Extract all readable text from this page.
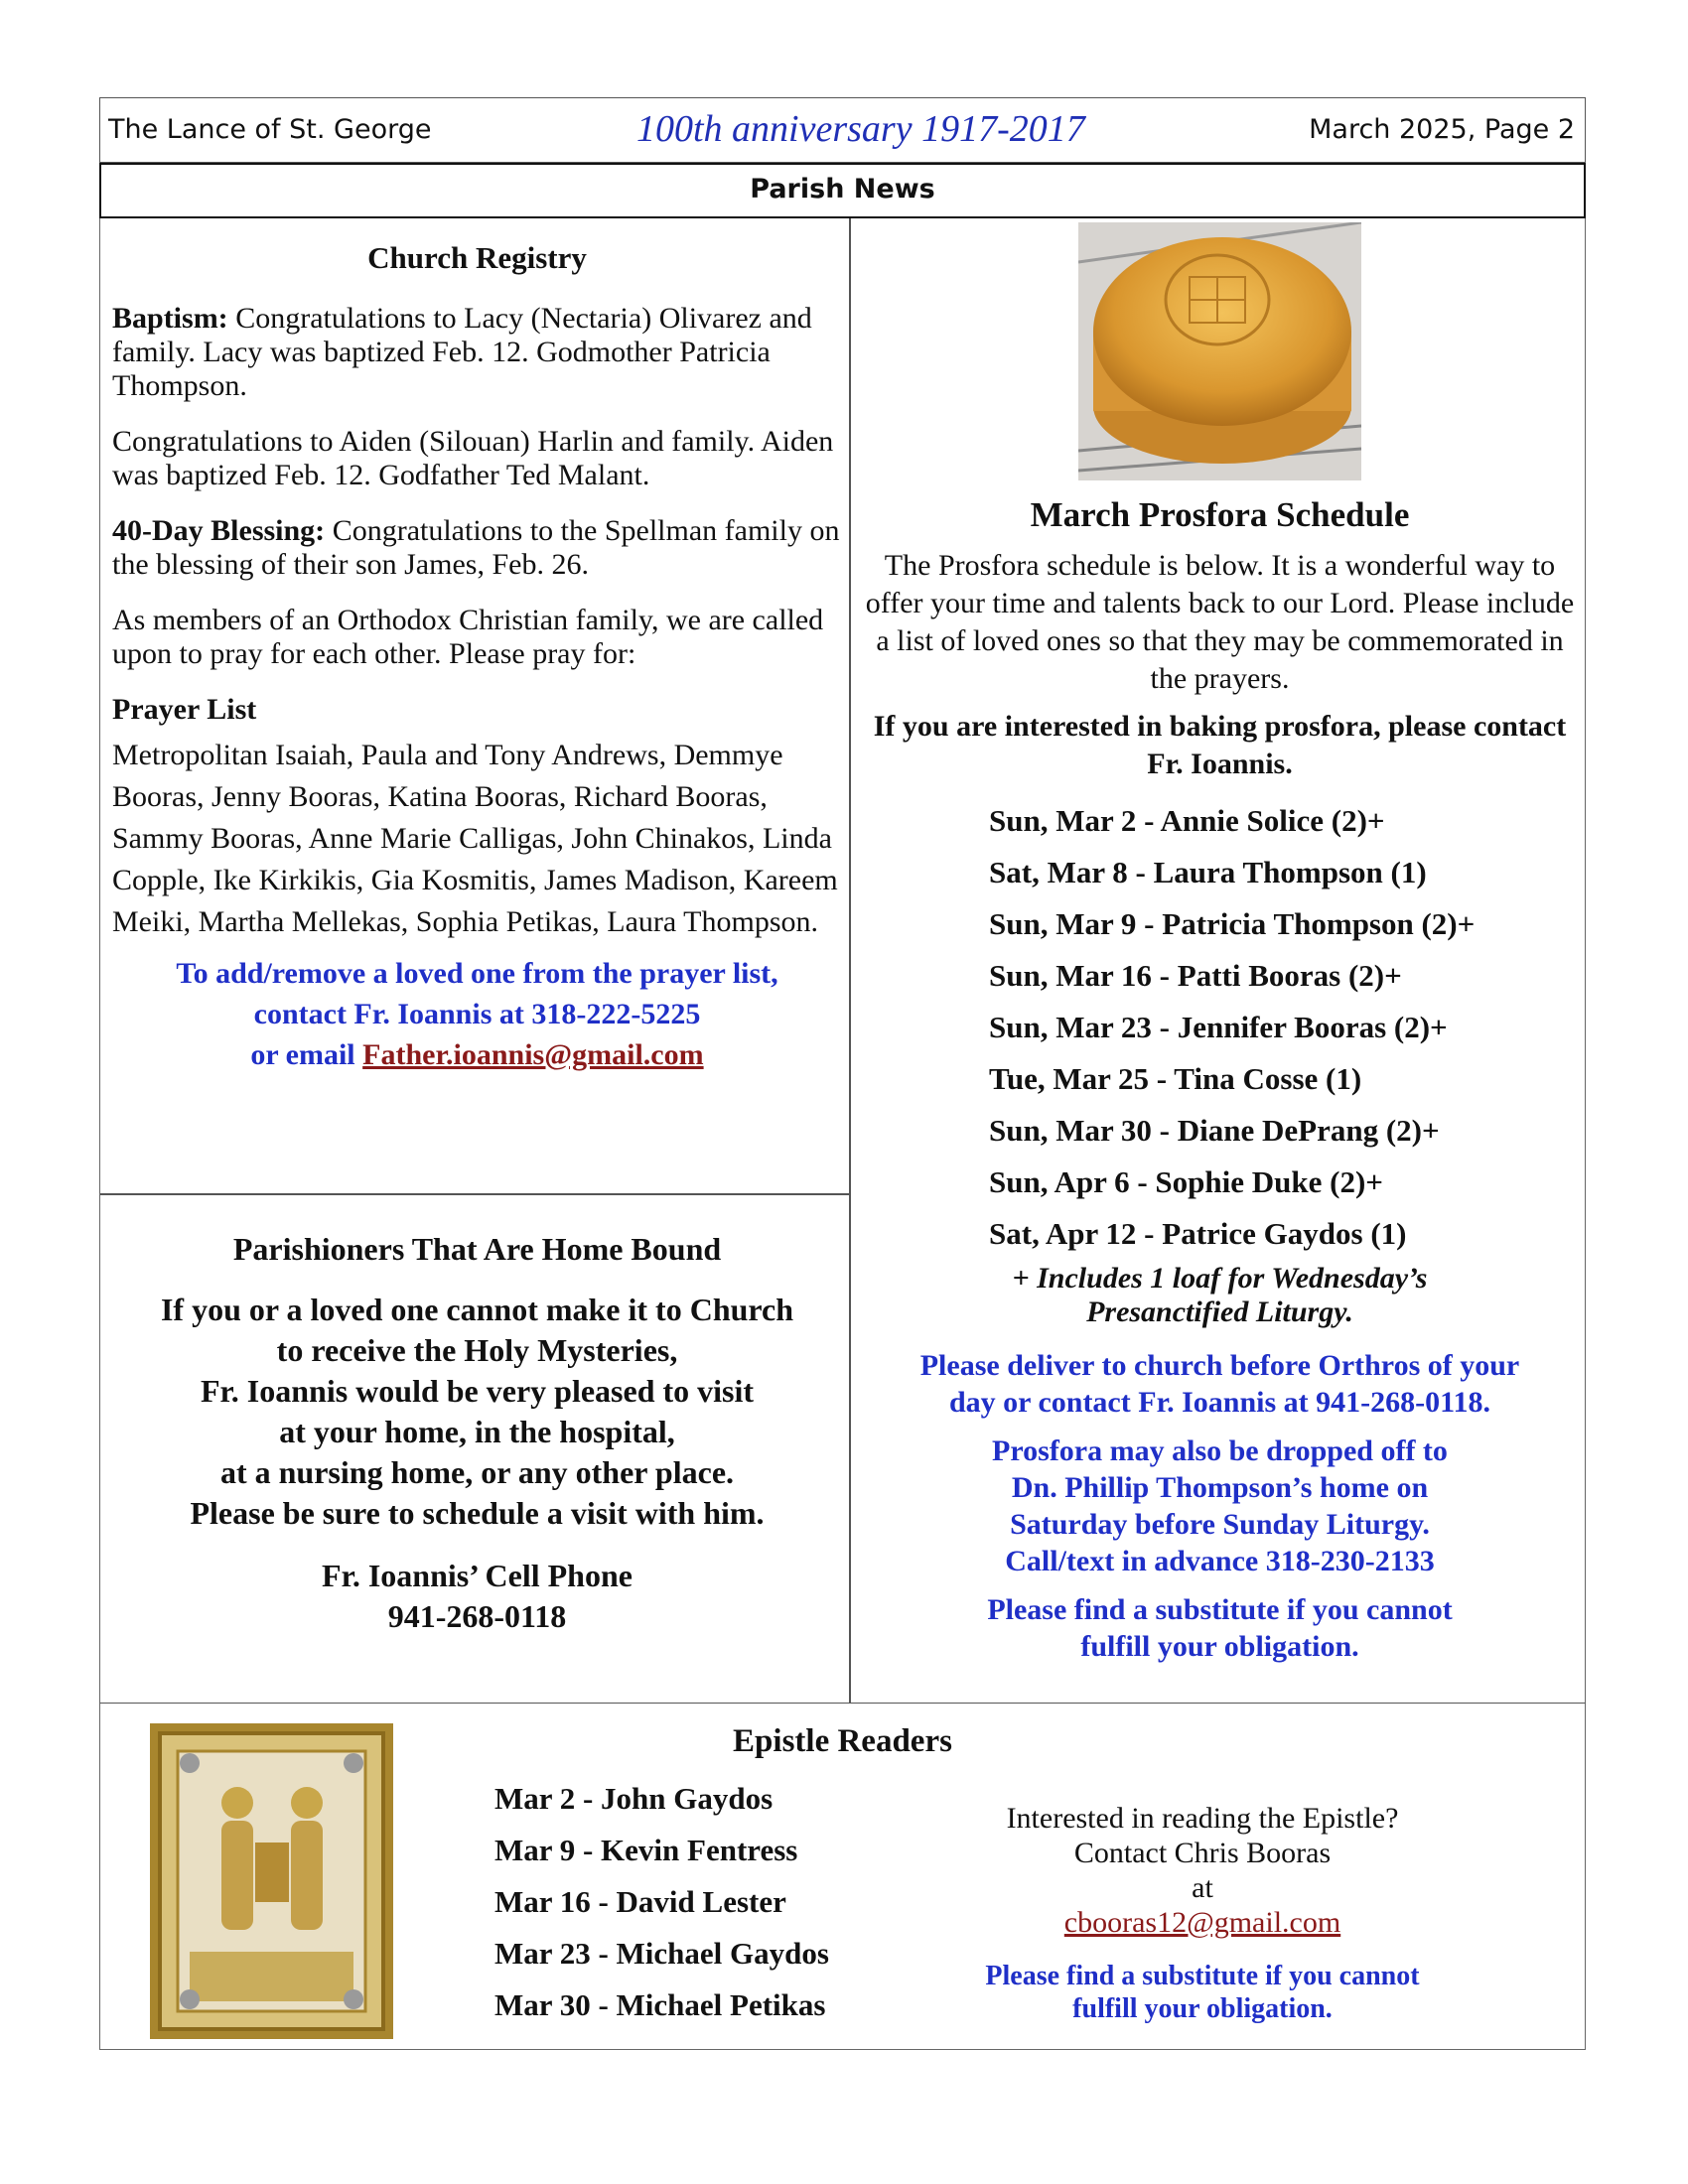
The Lance of St. George	100th anniversary 1917-2017	March 2025, Page 2
Parish News
Church Registry

Baptism: Congratulations to Lacy (Nectaria) Olivarez and family. Lacy was baptized Feb. 12. Godmother Patricia Thompson.

Congratulations to Aiden (Silouan) Harlin and family. Aiden was baptized Feb. 12. Godfather Ted Malant.

40-Day Blessing: Congratulations to the Spellman family on the blessing of their son James, Feb. 26.

As members of an Orthodox Christian family, we are called upon to pray for each other. Please pray for:

Prayer List

Metropolitan Isaiah, Paula and Tony Andrews, Demmye Booras, Jenny Booras, Katina Booras, Richard Booras, Sammy Booras, Anne Marie Calligas, John Chinakos, Linda Copple, Ike Kirkikis, Gia Kosmitis, James Madison, Kareem Meiki, Martha Mellekas, Sophia Petikas, Laura Thompson.

To add/remove a loved one from the prayer list,
contact Fr. Ioannis at 318-222-5225
or email Father.ioannis@gmail.com
Parishioners That Are Home Bound
If you or a loved one cannot make it to Church
to receive the Holy Mysteries,
Fr. Ioannis would be very pleased to visit
at your home, in the hospital,
at a nursing home, or any other place.
Please be sure to schedule a visit with him.
Fr. Ioannis’ Cell Phone
941-268-0118
March Prosfora Schedule

The Prosfora schedule is below. It is a wonderful way to offer your time and talents back to our Lord. Please include a list of loved ones so that they may be commemorated in the prayers.

If you are interested in baking prosfora, please contact Fr. Ioannis.

Sun, Mar 2 - Annie Solice (2)+
Sat, Mar 8 - Laura Thompson (1)
Sun, Mar 9 - Patricia Thompson (2)+
Sun, Mar 16 - Patti Booras (2)+
Sun, Mar 23 - Jennifer Booras (2)+
Tue, Mar 25 - Tina Cosse (1)
Sun, Mar 30 - Diane DePrang (2)+
Sun, Apr 6 - Sophie Duke (2)+
Sat, Apr 12 - Patrice Gaydos (1)
+ Includes 1 loaf for Wednesday’s
Presanctified Liturgy.
Please deliver to church before Orthros of your
day or contact Fr. Ioannis at 941-268-0118.
Prosfora may also be dropped off to
Dn. Phillip Thompson’s home on
Saturday before Sunday Liturgy.
Call/text in advance 318-230-2133
Please find a substitute if you cannot
fulfill your obligation.
Epistle Readers
Mar 2 - John Gaydos
Mar 9 - Kevin Fentress
Mar 16 - David Lester
Mar 23 - Michael Gaydos
Mar 30 - Michael Petikas
Interested in reading the Epistle?
Contact Chris Booras
at
cbooras12@gmail.com
Please find a substitute if you cannot
fulfill your obligation.
